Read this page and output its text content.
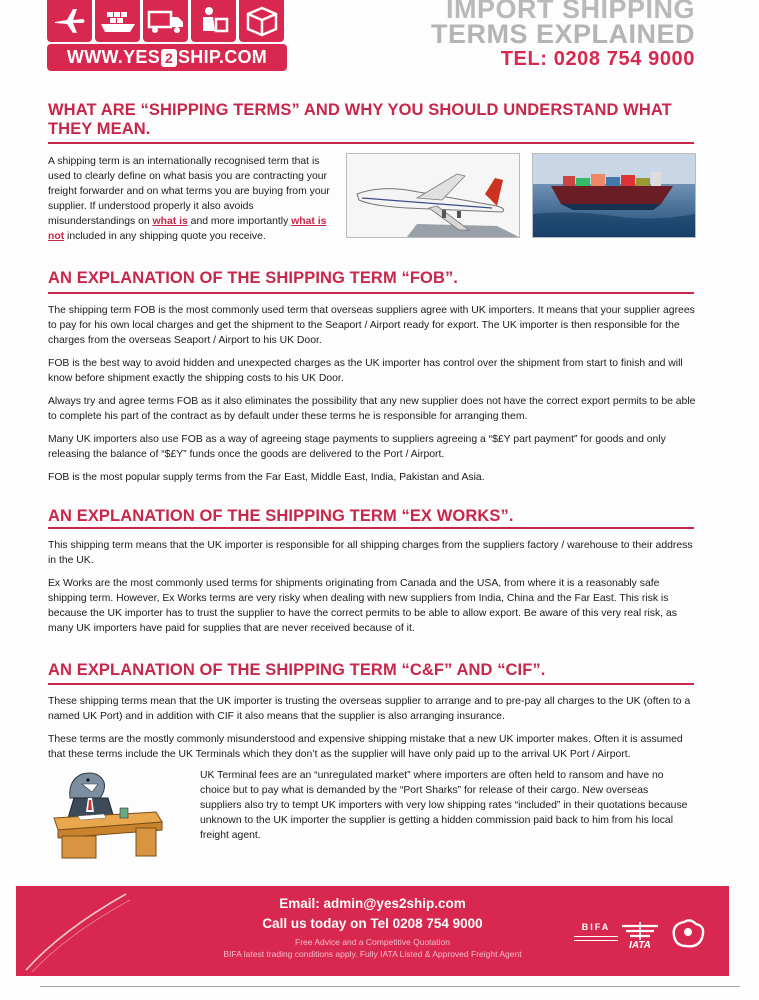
WWW.YES 2 SHIP.COM
IMPORT SHIPPING
TERMS EXPLAINED
TEL: 0208 754 9000
WHAT ARE “SHIPPING TERMS” AND WHY YOU SHOULD UNDERSTAND WHAT THEY MEAN.
A shipping term is an internationally recognised term that is used to clearly define on what basis you are contracting your freight forwarder and on what terms you are buying from your supplier. If understood properly it also avoids misunderstandings on what is and more importantly what is not included in any shipping quote you receive.
AN EXPLANATION OF THE SHIPPING TERM “FOB”.

The shipping term FOB is the most commonly used term that overseas suppliers agree with UK importers. It means that your supplier agrees to pay for his own local charges and get the shipment to the Seaport / Airport ready for export. The UK importer is then responsible for the charges from the overseas Seaport / Airport to his UK Door.

FOB is the best way to avoid hidden and unexpected charges as the UK importer has control over the shipment from start to finish and will know before shipment exactly the shipping costs to his UK Door.

Always try and agree terms FOB as it also eliminates the possibility that any new supplier does not have the correct export permits to be able to complete his part of the contract as by default under these terms he is responsible for arranging them.

Many UK importers also use FOB as a way of agreeing stage payments to suppliers agreeing a “$£Y part payment” for goods and only releasing the balance of “$£Y” funds once the goods are delivered to the Port / Airport.

FOB is the most popular supply terms from the Far East, Middle East, India, Pakistan and Asia.

AN EXPLANATION OF THE SHIPPING TERM “EX WORKS”.

This shipping term means that the UK importer is responsible for all shipping charges from the suppliers factory / warehouse to their address in the UK.

Ex Works are the most commonly used terms for shipments originating from Canada and the USA, from where it is a reasonably safe shipping term. However, Ex Works terms are very risky when dealing with new suppliers from India, China and the Far East. This risk is because the UK importer has to trust the supplier to have the correct permits to be able to allow export. Be aware of this very real risk, as many UK importers have paid for supplies that are never received because of it.

AN EXPLANATION OF THE SHIPPING TERM “C&F” AND “CIF”.

These shipping terms mean that the UK importer is trusting the overseas supplier to arrange and to pre-pay all charges to the UK (often to a named UK Port) and in addition with CIF it also means that the supplier is also arranging insurance.

These terms are the mostly commonly misunderstood and expensive shipping mistake that a new UK importer makes. Often it is assumed that these terms include the UK Terminals which they don’t as the supplier will have only paid up to the arrival UK Port / Airport.

UK Terminal fees are an “unregulated market” where importers are often held to ransom and have no choice but to pay what is demanded by the “Port Sharks” for release of their cargo. New overseas suppliers also try to tempt UK importers with very low shipping rates “included” in their quotations because unknown to the UK importer the supplier is getting a hidden commission paid back to him from his local freight agent.
Email: admin@yes2ship.com
Call us today on Tel 0208 754 9000
Free Advice and a Competitive Quotation
BIFA latest trading conditions apply. Fully IATA Listed & Approved Freight Agent
BIFA
IATA
